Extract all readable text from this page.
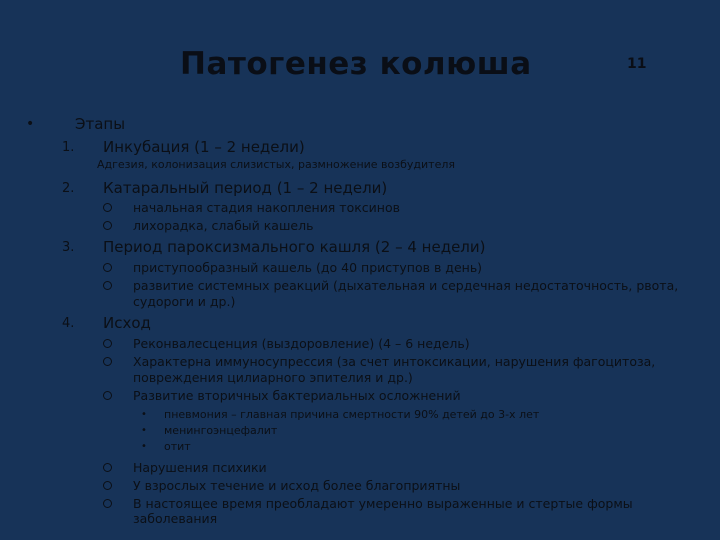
Патогенез колюша	11
•	Этапы
1. Инкубация (1 – 2 недели)
Адгезия, колонизация слизистых, размножение возбудителя
2. Катаральный период (1 – 2 недели)
начальная стадия накопления токсинов
лихорадка, слабый кашель
3. Период пароксизмального кашля (2 – 4 недели)
приступообразный кашель (до 40 приступов в день)
развитие системных реакций (дыхательная и сердечная недостаточность, рвота, судороги и др.)
4. Исход
Реконвалесценция (выздоровление) (4 – 6 недель)
Характерна иммуносупрессия (за счет интоксикации, нарушения фагоцитоза, повреждения цилиарного эпителия и др.)
Развитие вторичных бактериальных осложнений
• пневмония – главная причина смертности 90% детей до 3-х лет
• менингоэнцефалит
• отит
Нарушения психики
У взрослых течение и исход более благоприятны
В настоящее время преобладают умеренно выраженные и стертые формы заболевания
